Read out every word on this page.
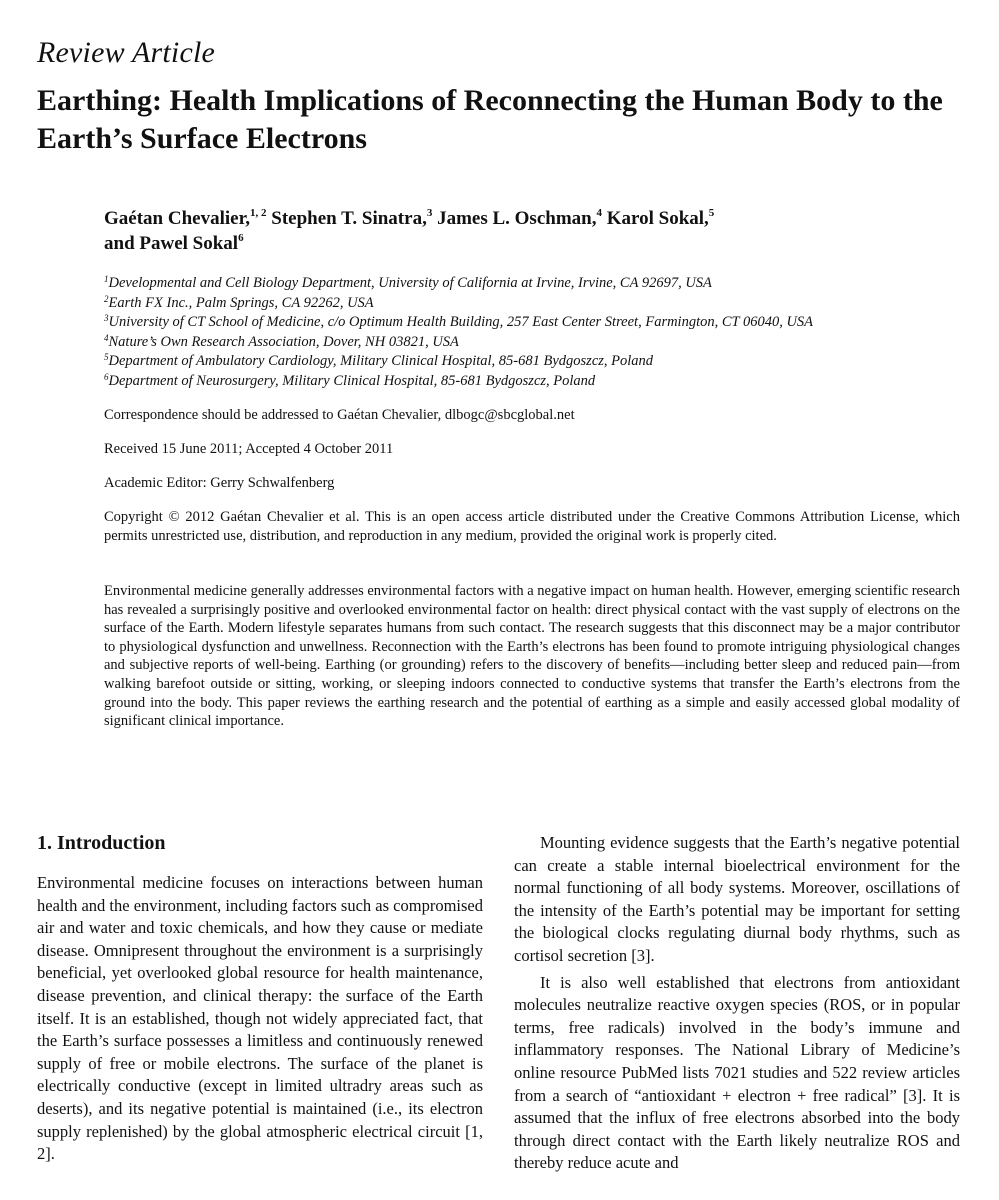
Review Article
Earthing: Health Implications of Reconnecting the Human Body to the Earth’s Surface Electrons
Gaétan Chevalier,$^{1, 2}$ Stephen T. Sinatra,$^3$ James L. Oschman,$^4$ Karol Sokal,$^5$
and Pawel Sokal$^6$
$^1$Developmental and Cell Biology Department, University of California at Irvine, Irvine, CA 92697, USA
$^2$Earth FX Inc., Palm Springs, CA 92262, USA
$^3$University of CT School of Medicine, c/o Optimum Health Building, 257 East Center Street, Farmington, CT 06040, USA
$^4$Nature’s Own Research Association, Dover, NH 03821, USA
$^5$Department of Ambulatory Cardiology, Military Clinical Hospital, 85-681 Bydgoszcz, Poland
$^6$Department of Neurosurgery, Military Clinical Hospital, 85-681 Bydgoszcz, Poland
Correspondence should be addressed to Gaétan Chevalier, dlbogc@sbcglobal.net
Received 15 June 2011; Accepted 4 October 2011
Academic Editor: Gerry Schwalfenberg
Copyright © 2012 Gaétan Chevalier et al. This is an open access article distributed under the Creative Commons Attribution License, which permits unrestricted use, distribution, and reproduction in any medium, provided the original work is properly cited.
Environmental medicine generally addresses environmental factors with a negative impact on human health. However, emerging scientific research has revealed a surprisingly positive and overlooked environmental factor on health: direct physical contact with the vast supply of electrons on the surface of the Earth. Modern lifestyle separates humans from such contact. The research suggests that this disconnect may be a major contributor to physiological dysfunction and unwellness. Reconnection with the Earth’s electrons has been found to promote intriguing physiological changes and subjective reports of well-being. Earthing (or grounding) refers to the discovery of benefits—including better sleep and reduced pain—from walking barefoot outside or sitting, working, or sleeping indoors connected to conductive systems that transfer the Earth’s electrons from the ground into the body. This paper reviews the earthing research and the potential of earthing as a simple and easily accessed global modality of significant clinical importance.
1. Introduction

Environmental medicine focuses on interactions between human health and the environment, including factors such as compromised air and water and toxic chemicals, and how they cause or mediate disease. Omnipresent throughout the environment is a surprisingly beneficial, yet overlooked global resource for health maintenance, disease prevention, and clinical therapy: the surface of the Earth itself. It is an established, though not widely appreciated fact, that the Earth’s surface possesses a limitless and continuously renewed supply of free or mobile electrons. The surface of the planet is electrically conductive (except in limited ultradry areas such as deserts), and its negative potential is maintained (i.e., its electron supply replenished) by the global atmospheric electrical circuit [1, 2].

Mounting evidence suggests that the Earth’s negative potential can create a stable internal bioelectrical environment for the normal functioning of all body systems. Moreover, oscillations of the intensity of the Earth’s potential may be important for setting the biological clocks regulating diurnal body rhythms, such as cortisol secretion [3].

It is also well established that electrons from antioxidant molecules neutralize reactive oxygen species (ROS, or in popular terms, free radicals) involved in the body’s immune and inflammatory responses. The National Library of Medicine’s online resource PubMed lists 7021 studies and 522 review articles from a search of “antioxidant + electron + free radical” [3]. It is assumed that the influx of free electrons absorbed into the body through direct contact with the Earth likely neutralize ROS and thereby reduce acute and
